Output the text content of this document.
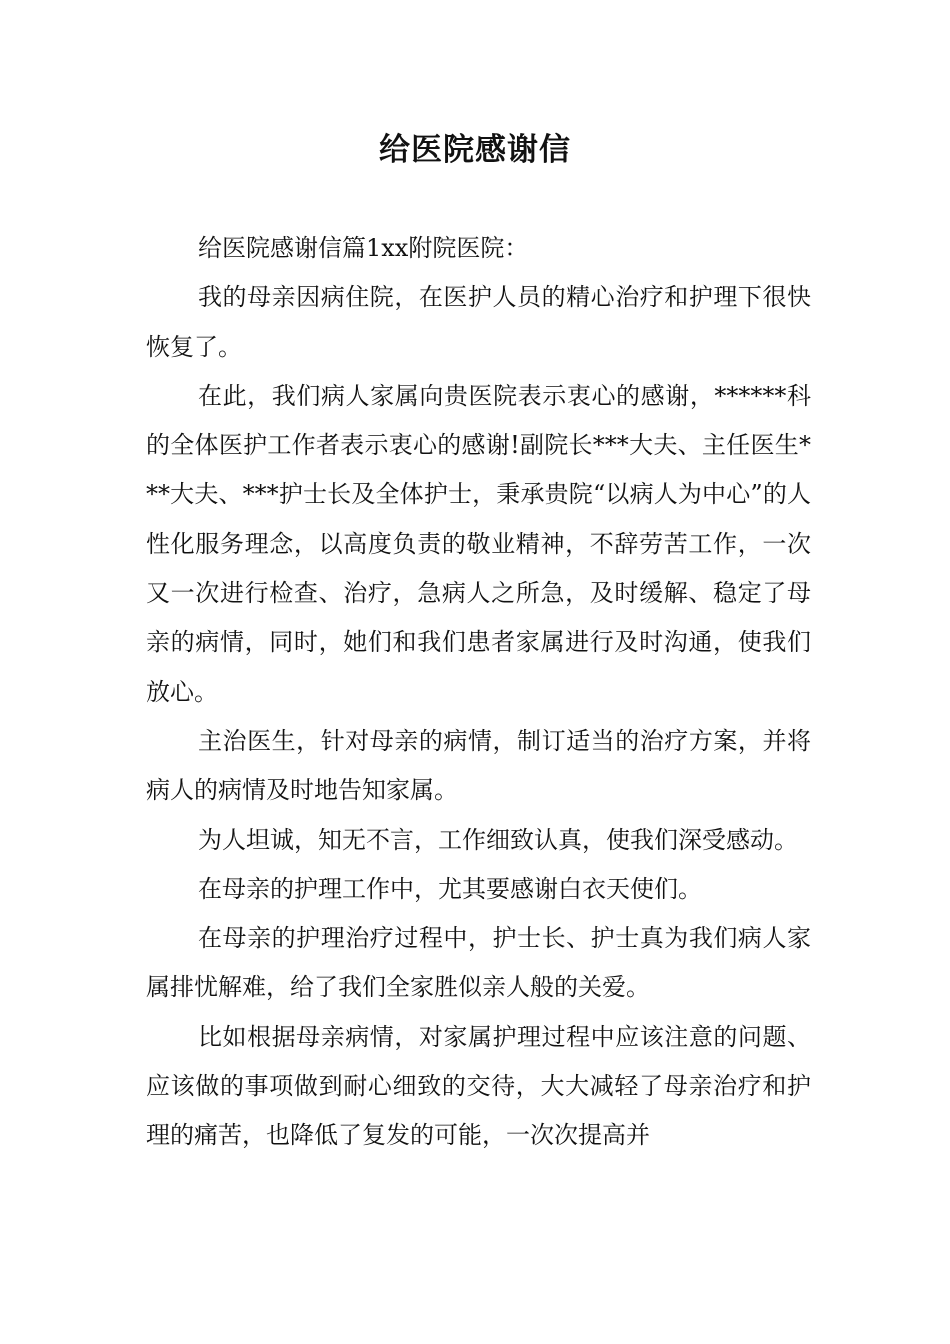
给医院感谢信

给医院感谢信篇1xx附院医院：

我的母亲因病住院，在医护人员的精心治疗和护理下很快恢复了。

在此，我们病人家属向贵医院表示衷心的感谢，******科的全体医护工作者表示衷心的感谢!副院长***大夫、主任医生***大夫、***护士长及全体护士，秉承贵院“以病人为中心”的人性化服务理念，以高度负责的敬业精神，不辞劳苦工作，一次又一次进行检查、治疗，急病人之所急，及时缓解、稳定了母亲的病情，同时，她们和我们患者家属进行及时沟通，使我们放心。

主治医生，针对母亲的病情，制订适当的治疗方案，并将病人的病情及时地告知家属。

为人坦诚，知无不言，工作细致认真，使我们深受感动。

在母亲的护理工作中，尤其要感谢白衣天使们。

在母亲的护理治疗过程中，护士长、护士真为我们病人家属排忧解难，给了我们全家胜似亲人般的关爱。

比如根据母亲病情，对家属护理过程中应该注意的问题、应该做的事项做到耐心细致的交待，大大减轻了母亲治疗和护理的痛苦，也降低了复发的可能，一次次提高并
